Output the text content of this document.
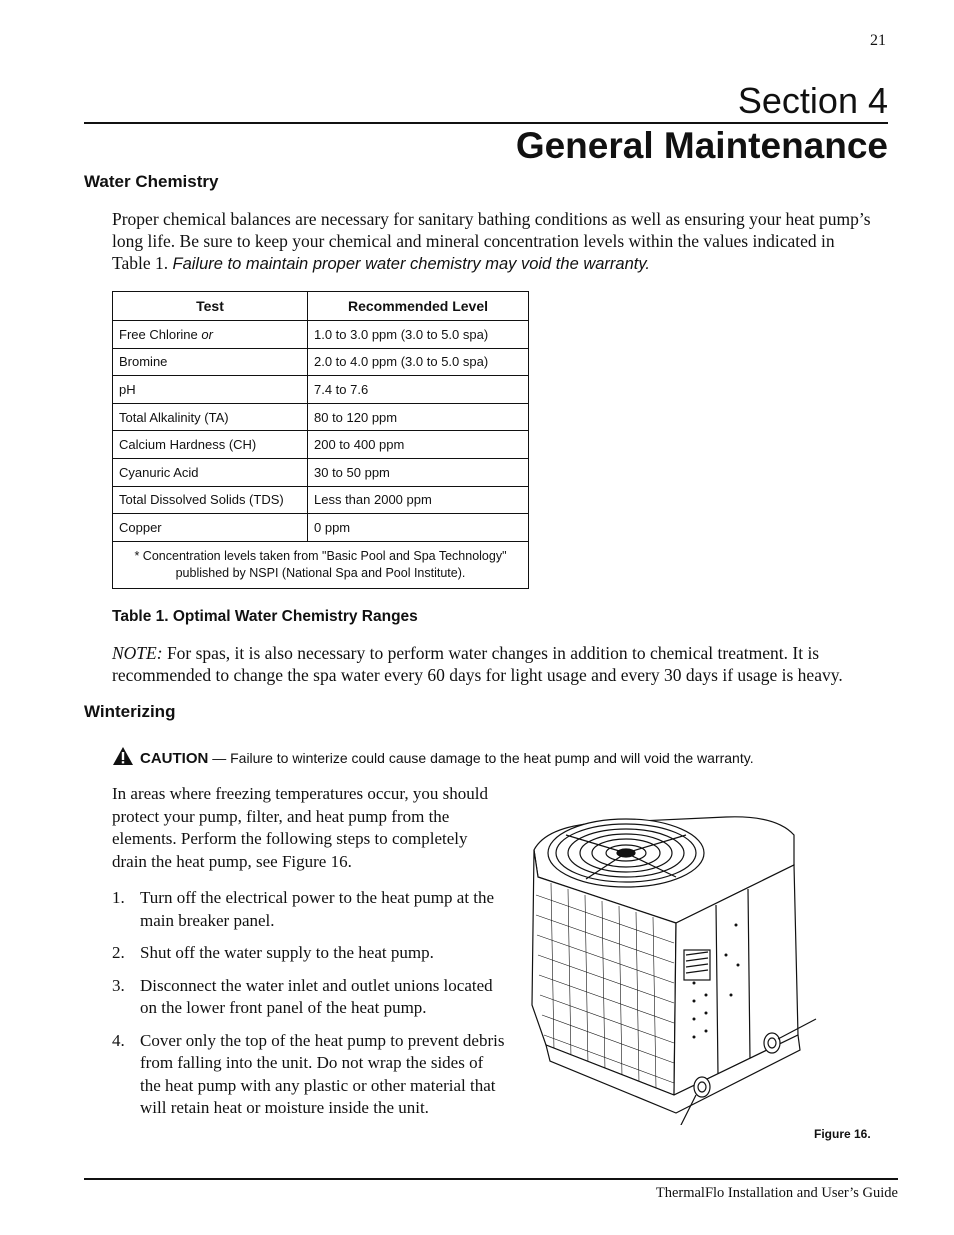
21
Section 4
General Maintenance
Water Chemistry
Proper chemical balances are necessary for sanitary bathing conditions as well as ensuring your heat pump’s long life. Be sure to keep your chemical and mineral concentration levels within the values indicated in Table 1. Failure to maintain proper water chemistry may void the warranty.
Test	Recommended Level
Free Chlorine or	1.0 to 3.0 ppm (3.0 to 5.0 spa)
Bromine	2.0 to 4.0 ppm (3.0 to 5.0 spa)
pH	7.4 to 7.6
Total Alkalinity (TA)	80 to 120 ppm
Calcium Hardness (CH)	200 to 400 ppm
Cyanuric Acid	30 to 50 ppm
Total Dissolved Solids (TDS)	Less than 2000 ppm
Copper	0 ppm
* Concentration levels taken from "Basic Pool and Spa Technology"
published by NSPI (National Spa and Pool Institute).	
Table 1. Optimal Water Chemistry Ranges
NOTE: For spas, it is also necessary to perform water changes in addition to chemical treatment. It is recommended to change the spa water every 60 days for light usage and every 30 days if usage is heavy.
Winterizing
CAUTION — Failure to winterize could cause damage to the heat pump and will void the warranty.
In areas where freezing temperatures occur, you should protect your pump, filter, and heat pump from the elements. Perform the following steps to completely drain the heat pump, see Figure 16.
1. Turn off the electrical power to the heat pump at the main breaker panel.
2. Shut off the water supply to the heat pump.
3. Disconnect the water inlet and outlet unions located on the lower front panel of the heat pump.
4. Cover only the top of the heat pump to prevent debris from falling into the unit. Do not wrap the sides of the heat pump with any plastic or other material that will retain heat or moisture inside the unit.
Figure 16.
ThermalFlo Installation and User’s Guide
